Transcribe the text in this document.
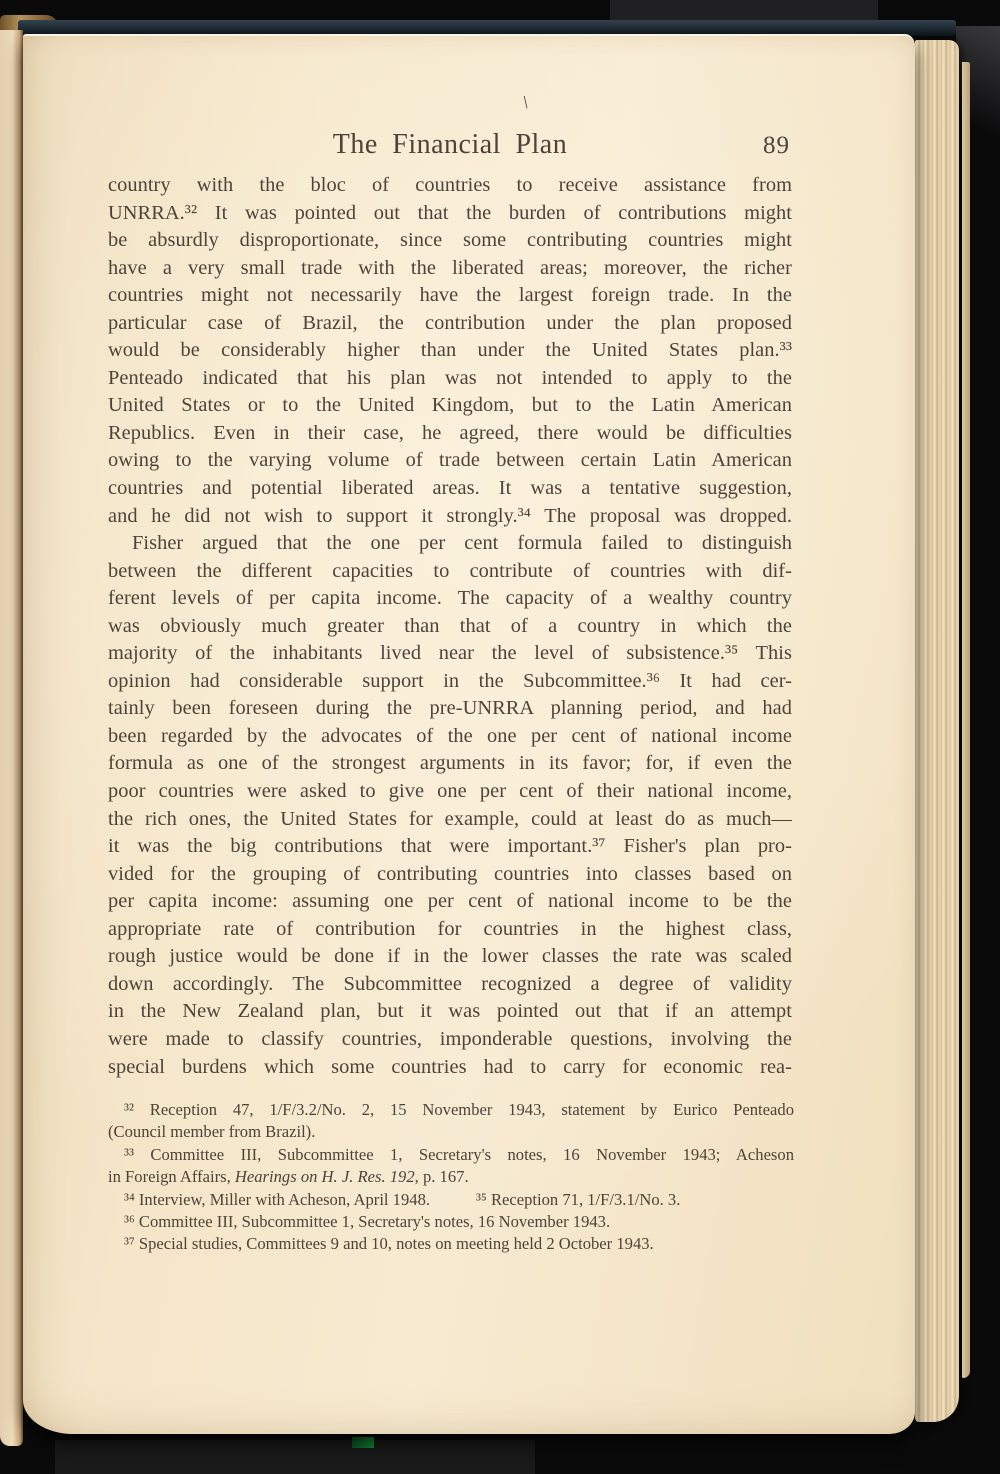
\
The Financial Plan	89
country with the bloc of countries to receive assistance from
UNRRA.³² It was pointed out that the burden of contributions might
be absurdly disproportionate, since some contributing countries might
have a very small trade with the liberated areas; moreover, the richer
countries might not necessarily have the largest foreign trade. In the
particular case of Brazil, the contribution under the plan proposed
would be considerably higher than under the United States plan.³³
Penteado indicated that his plan was not intended to apply to the
United States or to the United Kingdom, but to the Latin American
Republics. Even in their case, he agreed, there would be difficulties
owing to the varying volume of trade between certain Latin American
countries and potential liberated areas. It was a tentative suggestion,
and he did not wish to support it strongly.³⁴ The proposal was dropped.
Fisher argued that the one per cent formula failed to distinguish
between the different capacities to contribute of countries with dif-
ferent levels of per capita income. The capacity of a wealthy country
was obviously much greater than that of a country in which the
majority of the inhabitants lived near the level of subsistence.³⁵ This
opinion had considerable support in the Subcommittee.³⁶ It had cer-
tainly been foreseen during the pre-UNRRA planning period, and had
been regarded by the advocates of the one per cent of national income
formula as one of the strongest arguments in its favor; for, if even the
poor countries were asked to give one per cent of their national income,
the rich ones, the United States for example, could at least do as much—
it was the big contributions that were important.³⁷ Fisher's plan pro-
vided for the grouping of contributing countries into classes based on
per capita income: assuming one per cent of national income to be the
appropriate rate of contribution for countries in the highest class,
rough justice would be done if in the lower classes the rate was scaled
down accordingly. The Subcommittee recognized a degree of validity
in the New Zealand plan, but it was pointed out that if an attempt
were made to classify countries, imponderable questions, involving the
special burdens which some countries had to carry for economic rea-
³² Reception 47, 1/F/3.2/No. 2, 15 November 1943, statement by Eurico Penteado
(Council member from Brazil).
³³ Committee III, Subcommittee 1, Secretary's notes, 16 November 1943; Acheson
in Foreign Affairs, Hearings on H. J. Res. 192, p. 167.
³⁴ Interview, Miller with Acheson, April 1948.	³⁵ Reception 71, 1/F/3.1/No. 3.
³⁶ Committee III, Subcommittee 1, Secretary's notes, 16 November 1943.
³⁷ Special studies, Committees 9 and 10, notes on meeting held 2 October 1943.
